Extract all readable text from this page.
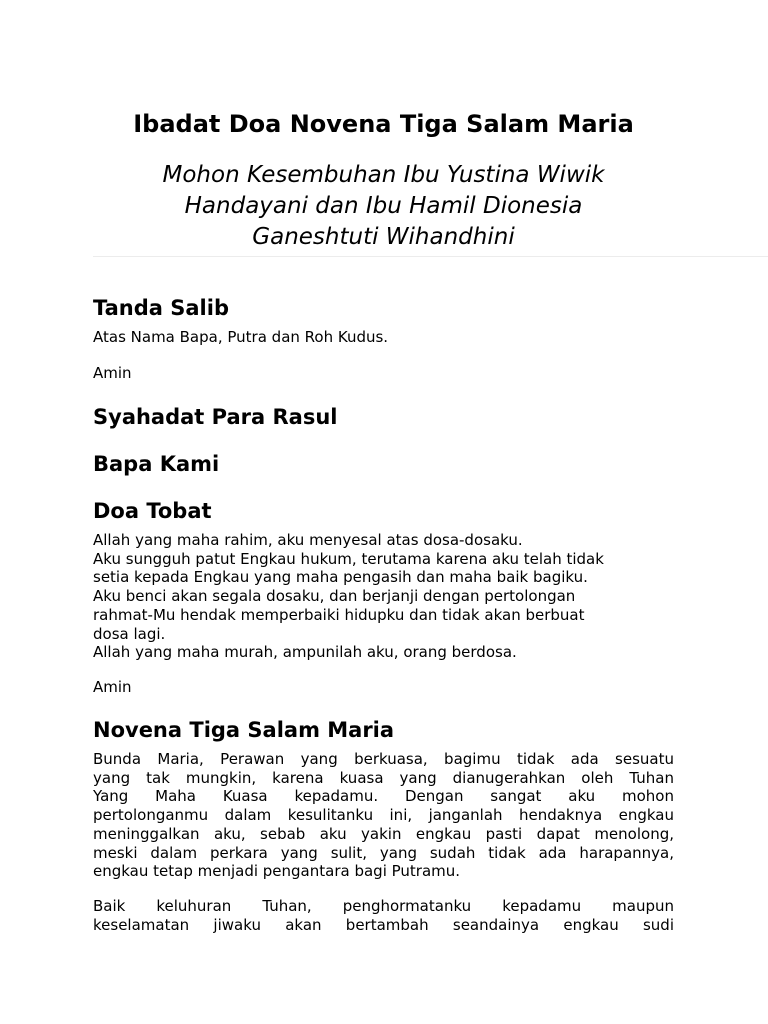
Ibadat Doa Novena Tiga Salam Maria
Mohon Kesembuhan Ibu Yustina Wiwik
Handayani dan Ibu Hamil Dionesia
Ganeshtuti Wihandhini
Tanda Salib

Atas Nama Bapa, Putra dan Roh Kudus.

Amin

Syahadat Para Rasul
Bapa Kami
Doa Tobat
Allah yang maha rahim, aku menyesal atas dosa-dosaku.
Aku sungguh patut Engkau hukum, terutama karena aku telah tidak
setia kepada Engkau yang maha pengasih dan maha baik bagiku.
Aku benci akan segala dosaku, dan berjanji dengan pertolongan
rahmat-Mu hendak memperbaiki hidupku dan tidak akan berbuat
dosa lagi.
Allah yang maha murah, ampunilah aku, orang berdosa.

Amin

Novena Tiga Salam Maria
Bunda Maria, Perawan yang berkuasa, bagimu tidak ada sesuatu
yang tak mungkin, karena kuasa yang dianugerahkan oleh Tuhan
Yang Maha Kuasa kepadamu. Dengan sangat aku mohon
pertolonganmu dalam kesulitanku ini, janganlah hendaknya engkau
meninggalkan aku, sebab aku yakin engkau pasti dapat menolong,
meski dalam perkara yang sulit, yang sudah tidak ada harapannya,
engkau tetap menjadi pengantara bagi Putramu.
Baik keluhuran Tuhan, penghormatanku kepadamu maupun
keselamatan jiwaku akan bertambah seandainya engkau sudi
